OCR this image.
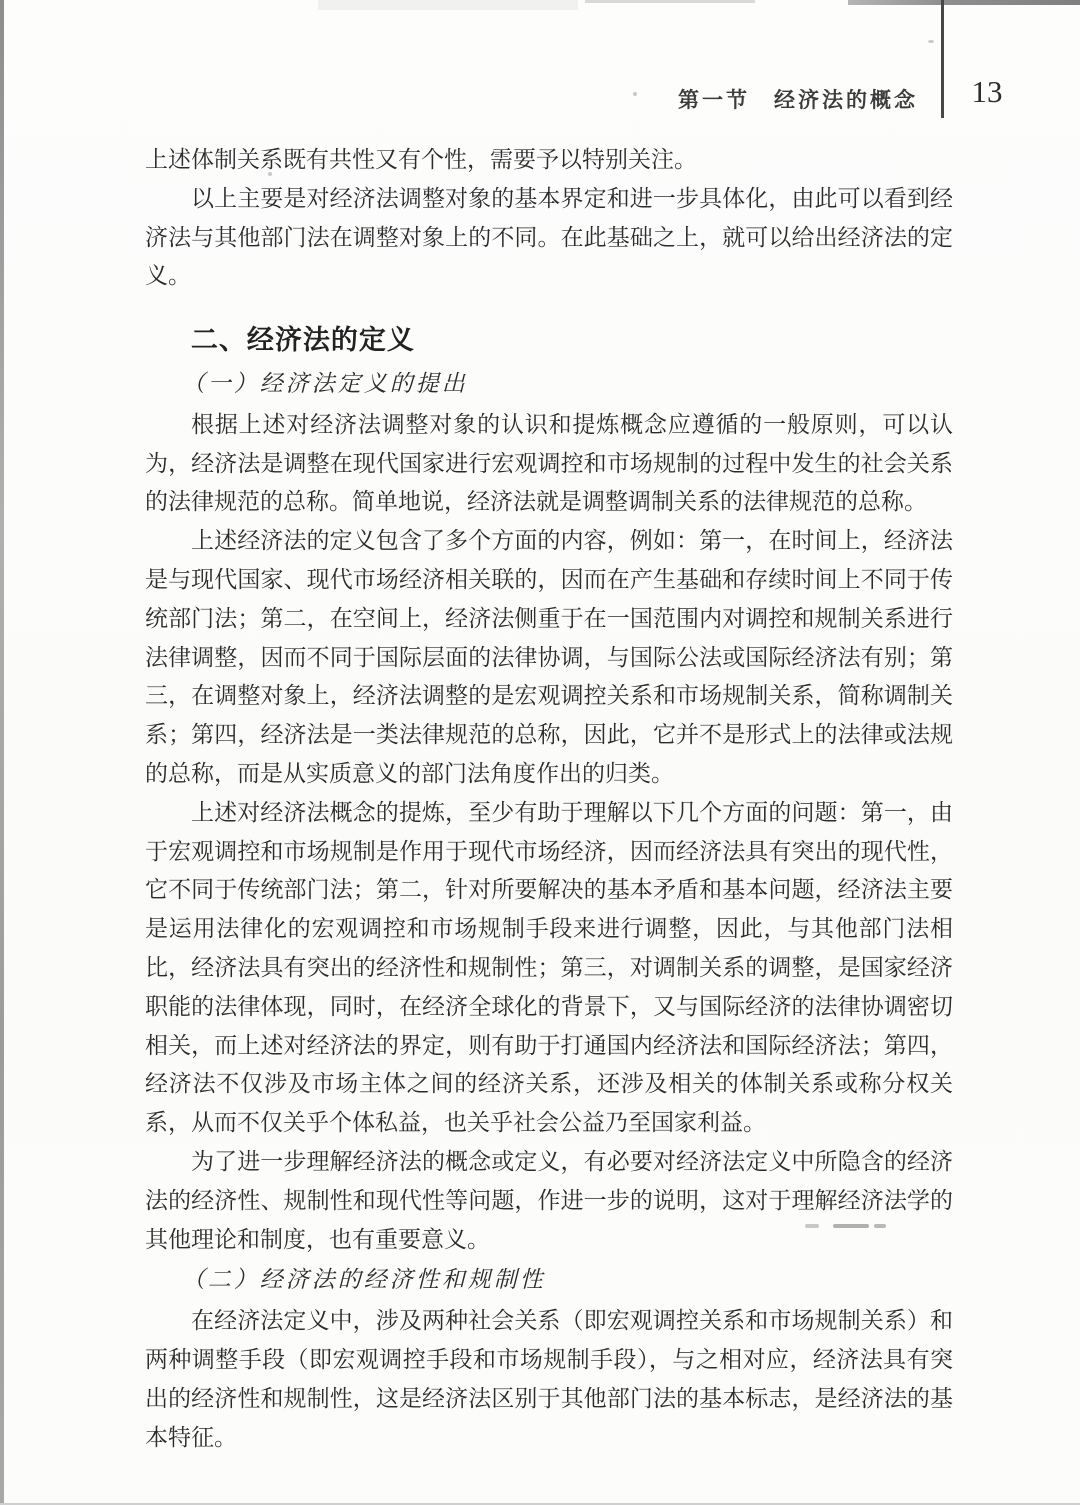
第一节　经济法的概念	13
上述体制关系既有共性又有个性，需要予以特别关注。
以上主要是对经济法调整对象的基本界定和进一步具体化，由此可以看到经济法与其他部门法在调整对象上的不同。在此基础之上，就可以给出经济法的定义。
二、经济法的定义
（一）经济法定义的提出
根据上述对经济法调整对象的认识和提炼概念应遵循的一般原则，可以认为，经济法是调整在现代国家进行宏观调控和市场规制的过程中发生的社会关系的法律规范的总称。简单地说，经济法就是调整调制关系的法律规范的总称。
上述经济法的定义包含了多个方面的内容，例如：第一，在时间上，经济法是与现代国家、现代市场经济相关联的，因而在产生基础和存续时间上不同于传统部门法；第二，在空间上，经济法侧重于在一国范围内对调控和规制关系进行法律调整，因而不同于国际层面的法律协调，与国际公法或国际经济法有别；第三，在调整对象上，经济法调整的是宏观调控关系和市场规制关系，简称调制关系；第四，经济法是一类法律规范的总称，因此，它并不是形式上的法律或法规的总称，而是从实质意义的部门法角度作出的归类。
上述对经济法概念的提炼，至少有助于理解以下几个方面的问题：第一，由于宏观调控和市场规制是作用于现代市场经济，因而经济法具有突出的现代性，它不同于传统部门法；第二，针对所要解决的基本矛盾和基本问题，经济法主要是运用法律化的宏观调控和市场规制手段来进行调整，因此，与其他部门法相比，经济法具有突出的经济性和规制性；第三，对调制关系的调整，是国家经济职能的法律体现，同时，在经济全球化的背景下，又与国际经济的法律协调密切相关，而上述对经济法的界定，则有助于打通国内经济法和国际经济法；第四，经济法不仅涉及市场主体之间的经济关系，还涉及相关的体制关系或称分权关系，从而不仅关乎个体私益，也关乎社会公益乃至国家利益。
为了进一步理解经济法的概念或定义，有必要对经济法定义中所隐含的经济法的经济性、规制性和现代性等问题，作进一步的说明，这对于理解经济法学的其他理论和制度，也有重要意义。
（二）经济法的经济性和规制性
在经济法定义中，涉及两种社会关系（即宏观调控关系和市场规制关系）和两种调整手段（即宏观调控手段和市场规制手段），与之相对应，经济法具有突出的经济性和规制性，这是经济法区别于其他部门法的基本标志，是经济法的基本特征。
